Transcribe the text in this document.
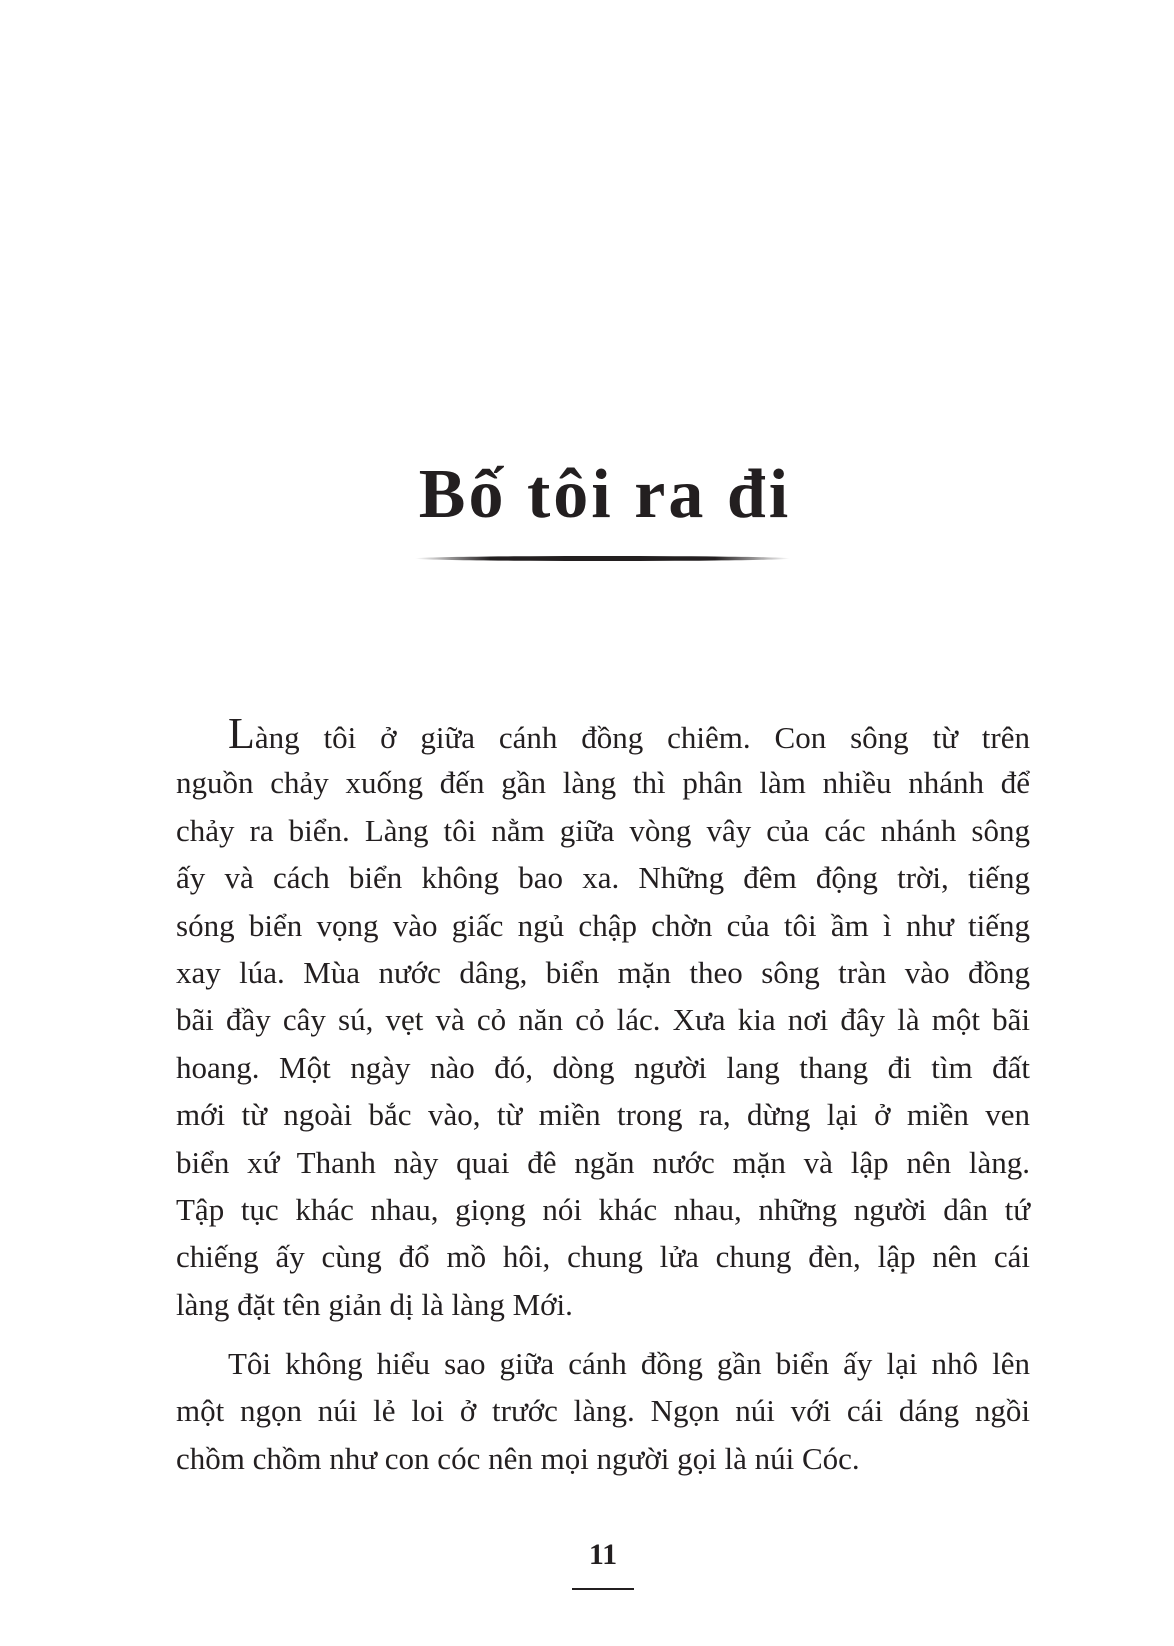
Bố tôi ra đi
Làng tôi ở giữa cánh đồng chiêm. Con sông từ trên
nguồn chảy xuống đến gần làng thì phân làm nhiều nhánh để
chảy ra biển. Làng tôi nằm giữa vòng vây của các nhánh sông
ấy và cách biển không bao xa. Những đêm động trời, tiếng
sóng biển vọng vào giấc ngủ chập chờn của tôi ầm ì như tiếng
xay lúa. Mùa nước dâng, biển mặn theo sông tràn vào đồng
bãi đầy cây sú, vẹt và cỏ năn cỏ lác. Xưa kia nơi đây là một bãi
hoang. Một ngày nào đó, dòng người lang thang đi tìm đất
mới từ ngoài bắc vào, từ miền trong ra, dừng lại ở miền ven
biển xứ Thanh này quai đê ngăn nước mặn và lập nên làng.
Tập tục khác nhau, giọng nói khác nhau, những người dân tứ
chiếng ấy cùng đổ mồ hôi, chung lửa chung đèn, lập nên cái
làng đặt tên giản dị là làng Mới.
Tôi không hiểu sao giữa cánh đồng gần biển ấy lại nhô lên
một ngọn núi lẻ loi ở trước làng. Ngọn núi với cái dáng ngồi
chồm chồm như con cóc nên mọi người gọi là núi Cóc.
11
